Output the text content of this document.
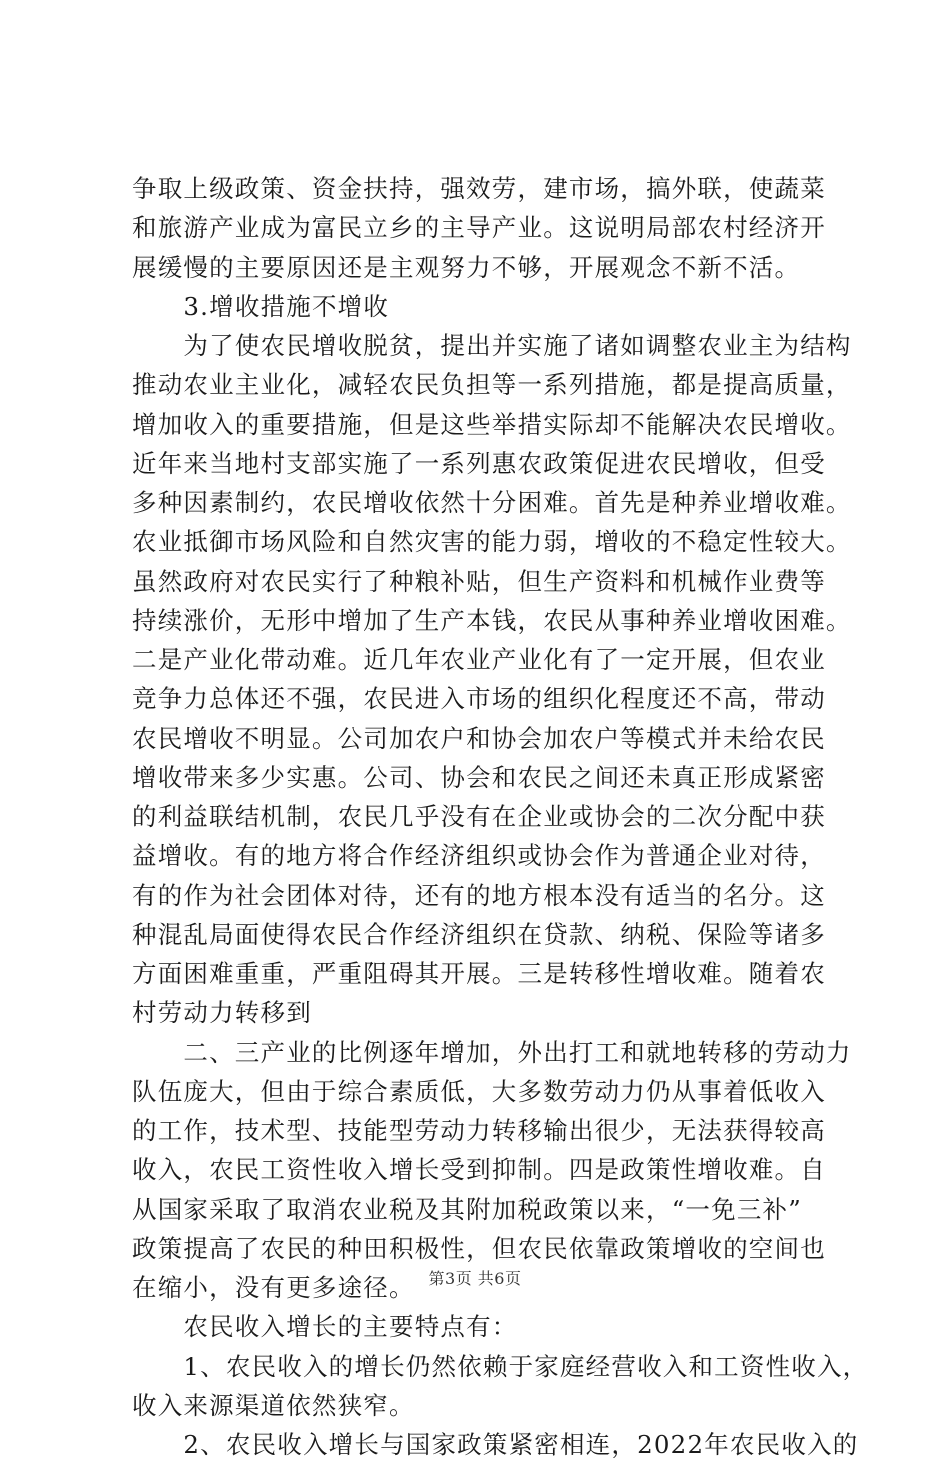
争取上级政策、资金扶持，强效劳，建市场，搞外联，使蔬菜
和旅游产业成为富民立乡的主导产业。这说明局部农村经济开
展缓慢的主要原因还是主观努力不够，开展观念不新不活。
　　3.增收措施不增收
　　为了使农民增收脱贫，提出并实施了诸如调整农业主为结构
推动农业主业化，减轻农民负担等一系列措施，都是提高质量，
增加收入的重要措施，但是这些举措实际却不能解决农民增收。
近年来当地村支部实施了一系列惠农政策促进农民增收，但受
多种因素制约，农民增收依然十分困难。首先是种养业增收难。
农业抵御市场风险和自然灾害的能力弱，增收的不稳定性较大。
虽然政府对农民实行了种粮补贴，但生产资料和机械作业费等
持续涨价，无形中增加了生产本钱，农民从事种养业增收困难。
二是产业化带动难。近几年农业产业化有了一定开展，但农业
竞争力总体还不强，农民进入市场的组织化程度还不高，带动
农民增收不明显。公司加农户和协会加农户等模式并未给农民
增收带来多少实惠。公司、协会和农民之间还未真正形成紧密
的利益联结机制，农民几乎没有在企业或协会的二次分配中获
益增收。有的地方将合作经济组织或协会作为普通企业对待，
有的作为社会团体对待，还有的地方根本没有适当的名分。这
种混乱局面使得农民合作经济组织在贷款、纳税、保险等诸多
方面困难重重，严重阻碍其开展。三是转移性增收难。随着农
村劳动力转移到
　　二、三产业的比例逐年增加，外出打工和就地转移的劳动力
队伍庞大，但由于综合素质低，大多数劳动力仍从事着低收入
的工作，技术型、技能型劳动力转移输出很少，无法获得较高
收入，农民工资性收入增长受到抑制。四是政策性增收难。自
从国家采取了取消农业税及其附加税政策以来，“一免三补”
政策提高了农民的种田积极性，但农民依靠政策增收的空间也
在缩小，没有更多途径。
　　农民收入增长的主要特点有：
　　1、农民收入的增长仍然依赖于家庭经营收入和工资性收入，
收入来源渠道依然狭窄。
　　2、农民收入增长与国家政策紧密相连，2022年农民收入的
第3页 共6页
